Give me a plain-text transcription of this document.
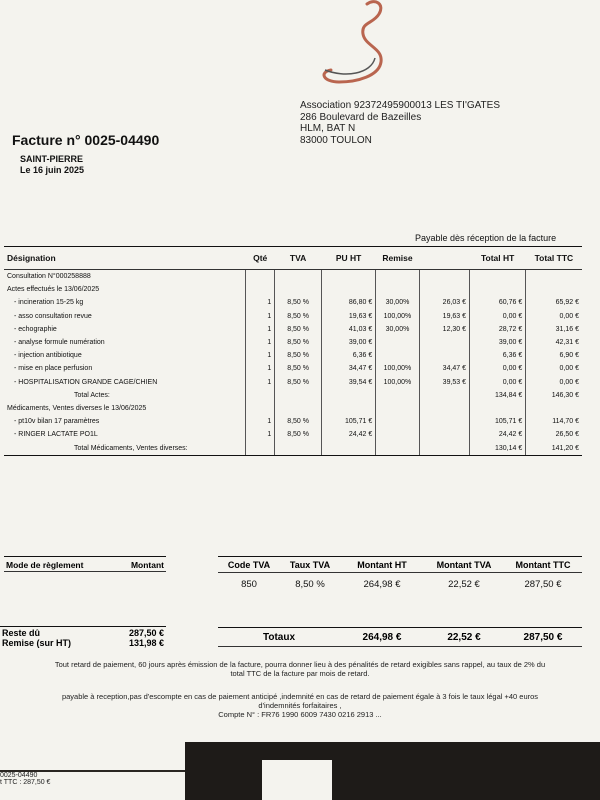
Association 92372495900013 LES TI'GATES
286 Boulevard de Bazeilles
HLM, BAT N
83000 TOULON
Facture n° 0025-04490
SAINT-PIERRE
Le 16 juin 2025
Payable dès réception de la facture
Désignation	Qté	TVA	PU HT	Remise		Total HT	Total TTC
Consultation N°000258888							
Actes effectués le 13/06/2025							
- incineration 15-25 kg	1	8,50 %	86,80 €	30,00%	26,03 €	60,76 €	65,92 €
- asso consultation revue	1	8,50 %	19,63 €	100,00%	19,63 €	0,00 €	0,00 €
- echographie	1	8,50 %	41,03 €	30,00%	12,30 €	28,72 €	31,16 €
- analyse formule numération	1	8,50 %	39,00 €			39,00 €	42,31 €
- injection antibiotique	1	8,50 %	6,36 €			6,36 €	6,90 €
- mise en place perfusion	1	8,50 %	34,47 €	100,00%	34,47 €	0,00 €	0,00 €
- HOSPITALISATION GRANDE CAGE/CHIEN	1	8,50 %	39,54 €	100,00%	39,53 €	0,00 €	0,00 €
Total Actes:						134,84 €	146,30 €
Médicaments, Ventes diverses le 13/06/2025							
- pt10v bilan 17 paramètres	1	8,50 %	105,71 €			105,71 €	114,70 €
- RINGER LACTATE PO1L	1	8,50 %	24,42 €			24,42 €	26,50 €
Total Médicaments, Ventes diverses:						130,14 €	141,20 €
Mode de règlement	Montant	Code TVA	Taux TVA	Montant HT	Montant TVA	Montant TTC
850	8,50 %	264,98 €	22,52 €	287,50 €
Reste dû	287,50 €
Remise (sur HT)	131,98 €	Totaux	264,98 €	22,52 €	287,50 €
Tout retard de paiement, 60 jours après émission de la facture, pourra donner lieu à des pénalités de retard exigibles sans rappel, au taux de 2% du
total TTC de la facture par mois de retard.
payable à reception,pas d'escompte en cas de paiement anticipé ,indemnité en cas de retard de paiement égale à 3 fois le taux légal +40 euros
d'indemnités forfaitaires ,
Compte N° : FR76 1990 6009 7430 0216 2913 ...
0025-04490
t TTC : 287,50 €
